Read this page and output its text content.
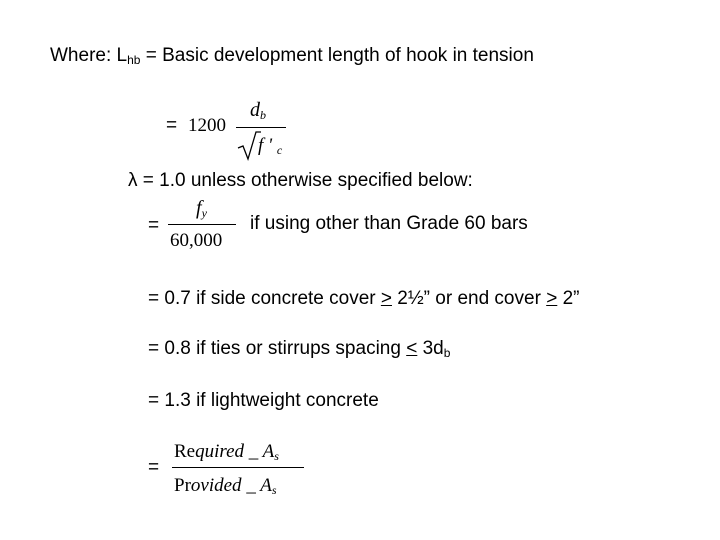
Where: $L_{hb}$ = Basic development length of hook in tension
= 1200
$d_b$
f ' $_c$
λ = 1.0 unless otherwise specified below:
=
$f_y$
60,000
if using other than Grade 60 bars
= 0.7 if side concrete cover > 2½” or end cover > 2”
= 0.8 if ties or stirrups spacing < $3d_b$
= 1.3 if lightweight concrete
=
Required _ $A_s$
Provided _ $A_s$
